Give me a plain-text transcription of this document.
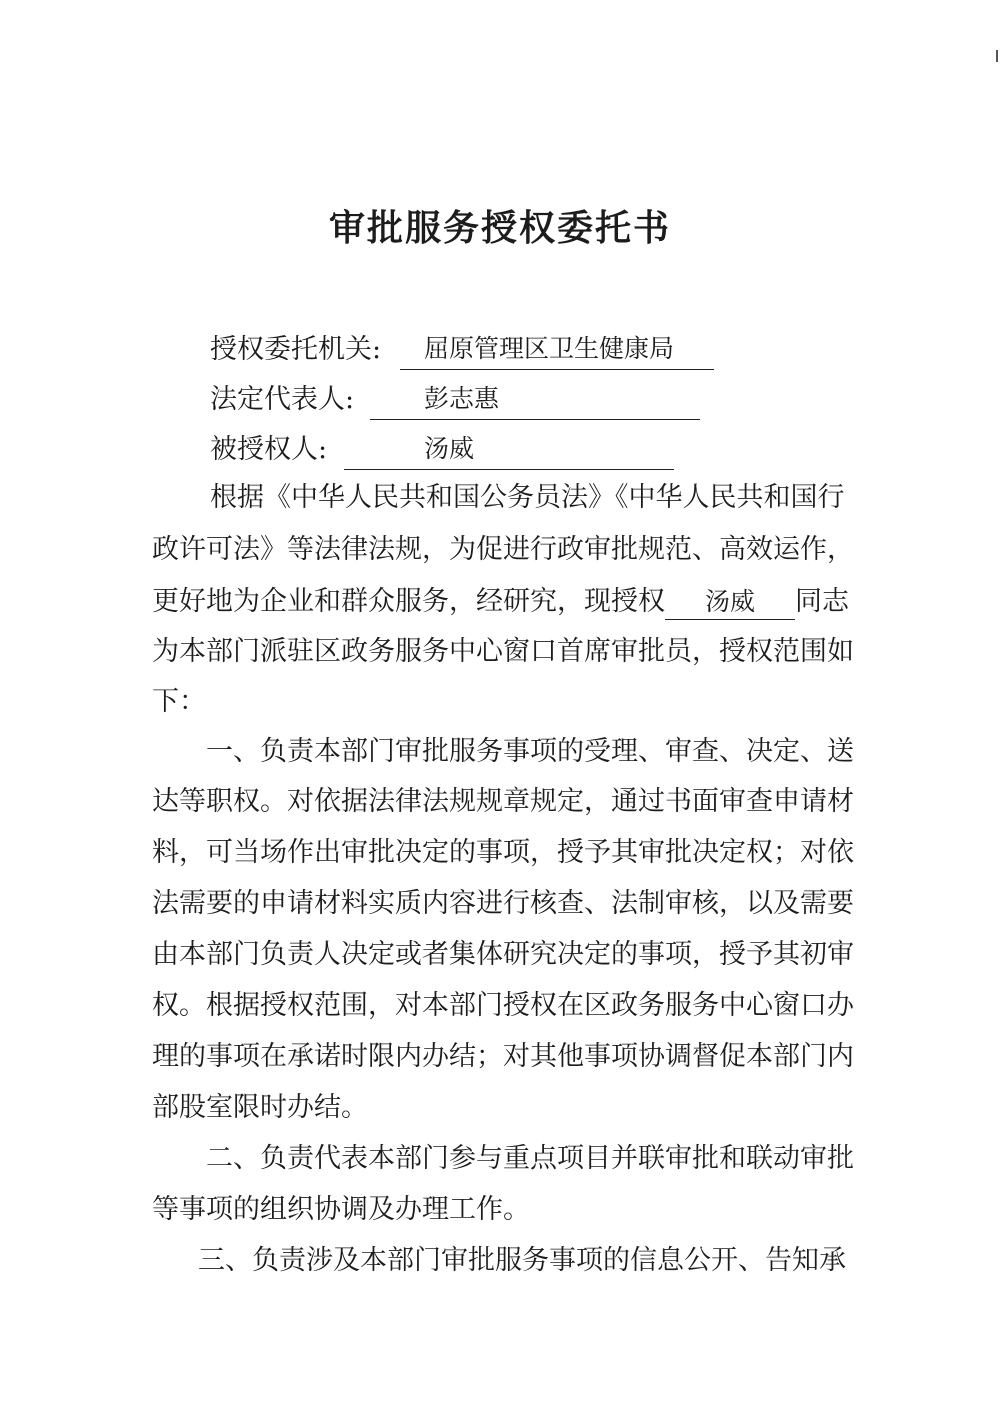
审批服务授权委托书
授权委托机关:	屈原管理区卫生健康局
法定代表人:	彭志惠
被授权人:	汤威
根据《中华人民共和国公务员法》《中华人民共和国行
政许可法》等法律法规，为促进行政审批规范、高效运作，
更好地为企业和群众服务，经研究，现授权 汤威 同志
为本部门派驻区政务服务中心窗口首席审批员，授权范围如
下：
一、负责本部门审批服务事项的受理、审查、决定、送
达等职权。对依据法律法规规章规定，通过书面审查申请材
料，可当场作出审批决定的事项，授予其审批决定权；对依
法需要的申请材料实质内容进行核查、法制审核，以及需要
由本部门负责人决定或者集体研究决定的事项，授予其初审
权。根据授权范围，对本部门授权在区政务服务中心窗口办
理的事项在承诺时限内办结；对其他事项协调督促本部门内
部股室限时办结。
二、负责代表本部门参与重点项目并联审批和联动审批
等事项的组织协调及办理工作。
三、负责涉及本部门审批服务事项的信息公开、告知承
